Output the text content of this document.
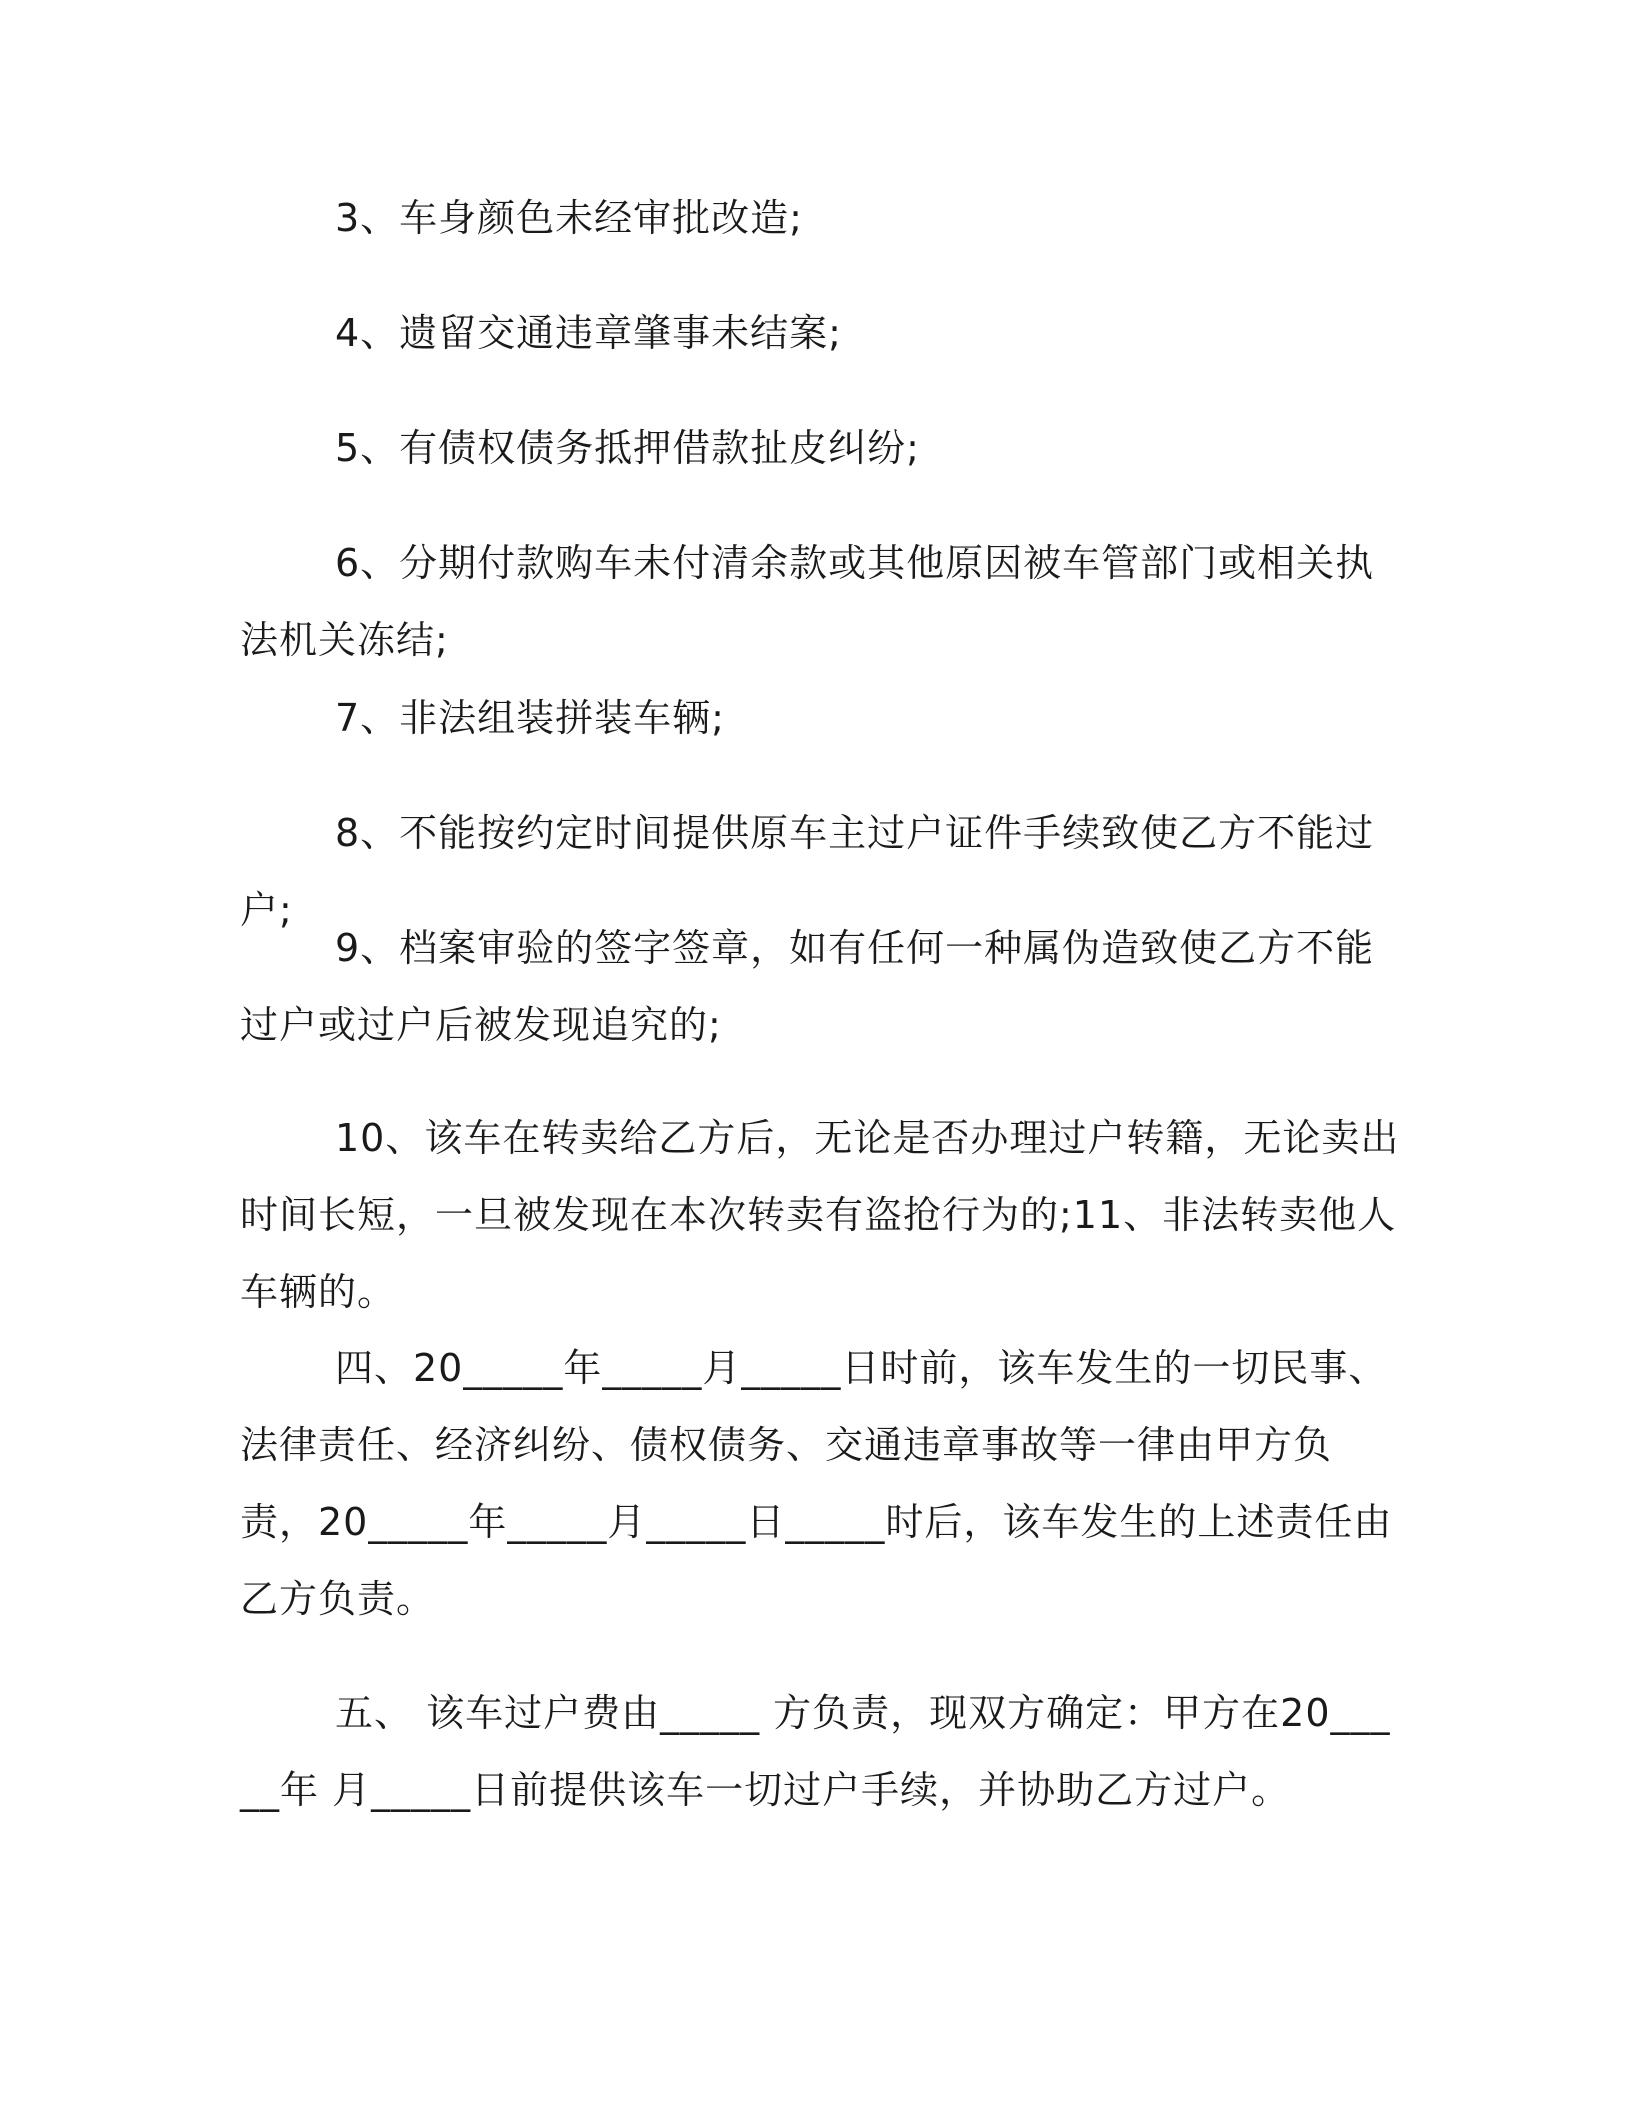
3、车身颜色未经审批改造;

4、遗留交通违章肇事未结案;

5、有债权债务抵押借款扯皮纠纷;

6、分期付款购车未付清余款或其他原因被车管部门或相关执法机关冻结;

7、非法组装拼装车辆;

8、不能按约定时间提供原车主过户证件手续致使乙方不能过户;

9、档案审验的签字签章，如有任何一种属伪造致使乙方不能过户或过户后被发现追究的;

10、该车在转卖给乙方后，无论是否办理过户转籍，无论卖出时间长短，一旦被发现在本次转卖有盗抢行为的;11、非法转卖他人车辆的。

四、20_____年_____月_____日时前，该车发生的一切民事、法律责任、经济纠纷、债权债务、交通违章事故等一律由甲方负责，20_____年_____月_____日_____时后，该车发生的上述责任由乙方负责。

五、 该车过户费由_____ 方负责，现双方确定：甲方在20_____年 月_____日前提供该车一切过户手续，并协助乙方过户。
